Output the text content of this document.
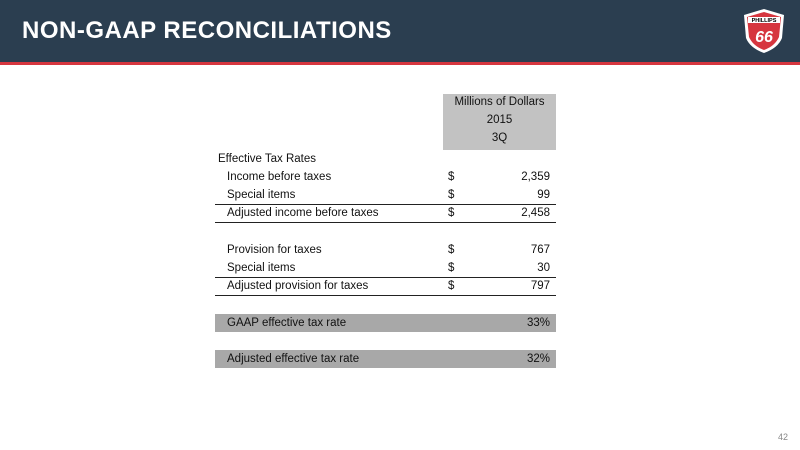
NON-GAAP RECONCILIATIONS	PHILLIPS
66
Millions of Dollars
2015
3Q
Effective Tax Rates
Income before taxes	$	2,359
Special items	$	99
Adjusted income before taxes	$	2,458
Provision for taxes	$	767
Special items	$	30
Adjusted provision for taxes	$	797
GAAP effective tax rate	33%
Adjusted effective tax rate	32%
42
